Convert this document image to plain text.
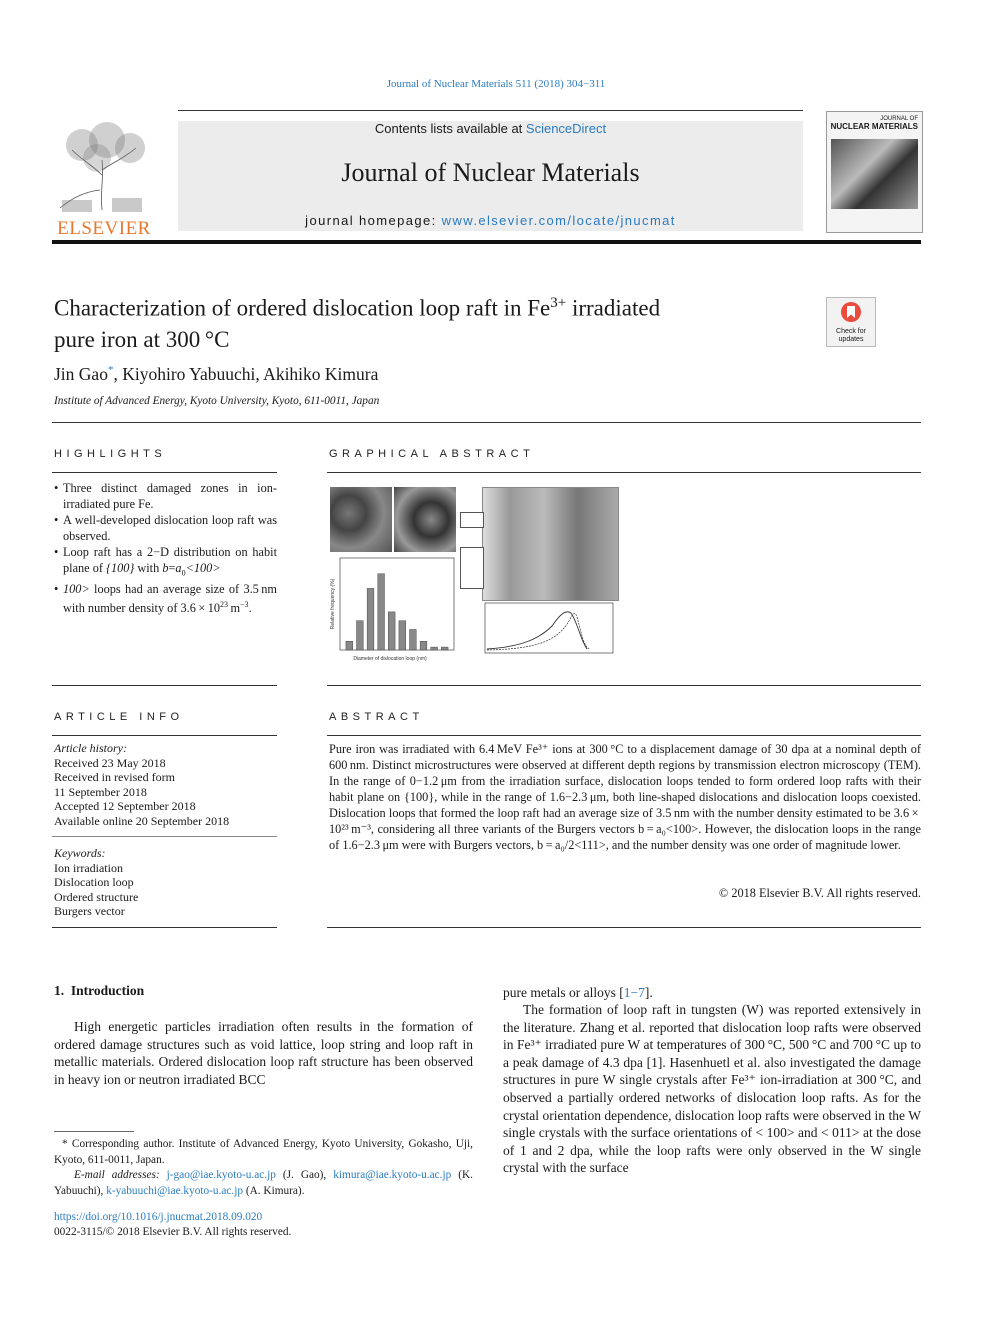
Journal of Nuclear Materials 511 (2018) 304−311
ELSEVIER
Contents lists available at ScienceDirect
Journal of Nuclear Materials
journal homepage: www.elsevier.com/locate/jnucmat
JOURNAL OF
NUCLEAR MATERIALS
Characterization of ordered dislocation loop raft in $Fe^{3+}$ irradiated
pure iron at 300 °C	Check for
updates
Jin Gao*, Kiyohiro Yabuuchi, Akihiko Kimura
Institute of Advanced Energy, Kyoto University, Kyoto, 611-0011, Japan
HIGHLIGHTS
• Three distinct damaged zones in ion-irradiated pure Fe.
• A well-developed dislocation loop raft was observed.
• Loop raft has a 2−D distribution on habit plane of {100} with $b=a_0<100>$
• 100> loops had an average size of 3.5 nm with number density of $3.6 \times 10^{23}$ $m^{-3}$.
GRAPHICAL ABSTRACT
Diameter of dislocation loop (nm)
Relative frequency (%)
ARTICLE INFO
Article history:
Received 23 May 2018
Received in revised form
11 September 2018
Accepted 12 September 2018
Available online 20 September 2018
Keywords:
Ion irradiation
Dislocation loop
Ordered structure
Burgers vector
ABSTRACT
Pure iron was irradiated with 6.4 MeV Fe³⁺ ions at 300 °C to a displacement damage of 30 dpa at a nominal depth of 600 nm. Distinct microstructures were observed at different depth regions by transmission electron microscopy (TEM). In the range of 0−1.2 μm from the irradiation surface, dislocation loops tended to form ordered loop rafts with their habit plane on {100}, while in the range of 1.6−2.3 μm, both line-shaped dislocations and dislocation loops coexisted. Dislocation loops that formed the loop raft had an average size of 3.5 nm with the number density estimated to be 3.6 × 10²³ m⁻³, considering all three variants of the Burgers vectors b = a₀<100>. However, the dislocation loops in the range of 1.6−2.3 μm were with Burgers vectors, b = a₀/2<111>, and the number density was one order of magnitude lower.
© 2018 Elsevier B.V. All rights reserved.
1. Introduction
High energetic particles irradiation often results in the formation of ordered damage structures such as void lattice, loop string and loop raft in metallic materials. Ordered dislocation loop raft structure has been observed in heavy ion or neutron irradiated BCC
pure metals or alloys [1−7].
The formation of loop raft in tungsten (W) was reported extensively in the literature. Zhang et al. reported that dislocation loop rafts were observed in Fe³⁺ irradiated pure W at temperatures of 300 °C, 500 °C and 700 °C up to a peak damage of 4.3 dpa [1]. Hasenhuetl et al. also investigated the damage structures in pure W single crystals after Fe³⁺ ion-irradiation at 300 °C, and observed a partially ordered networks of dislocation loop rafts. As for the crystal orientation dependence, dislocation loop rafts were observed in the W single crystals with the surface orientations of < 100> and < 011> at the dose of 1 and 2 dpa, while the loop rafts were only observed in the W single crystal with the surface
* Corresponding author. Institute of Advanced Energy, Kyoto University, Gokasho, Uji, Kyoto, 611-0011, Japan.
E-mail addresses: j-gao@iae.kyoto-u.ac.jp (J. Gao), kimura@iae.kyoto-u.ac.jp (K. Yabuuchi), k-yabuuchi@iae.kyoto-u.ac.jp (A. Kimura).
https://doi.org/10.1016/j.jnucmat.2018.09.020
0022-3115/© 2018 Elsevier B.V. All rights reserved.
